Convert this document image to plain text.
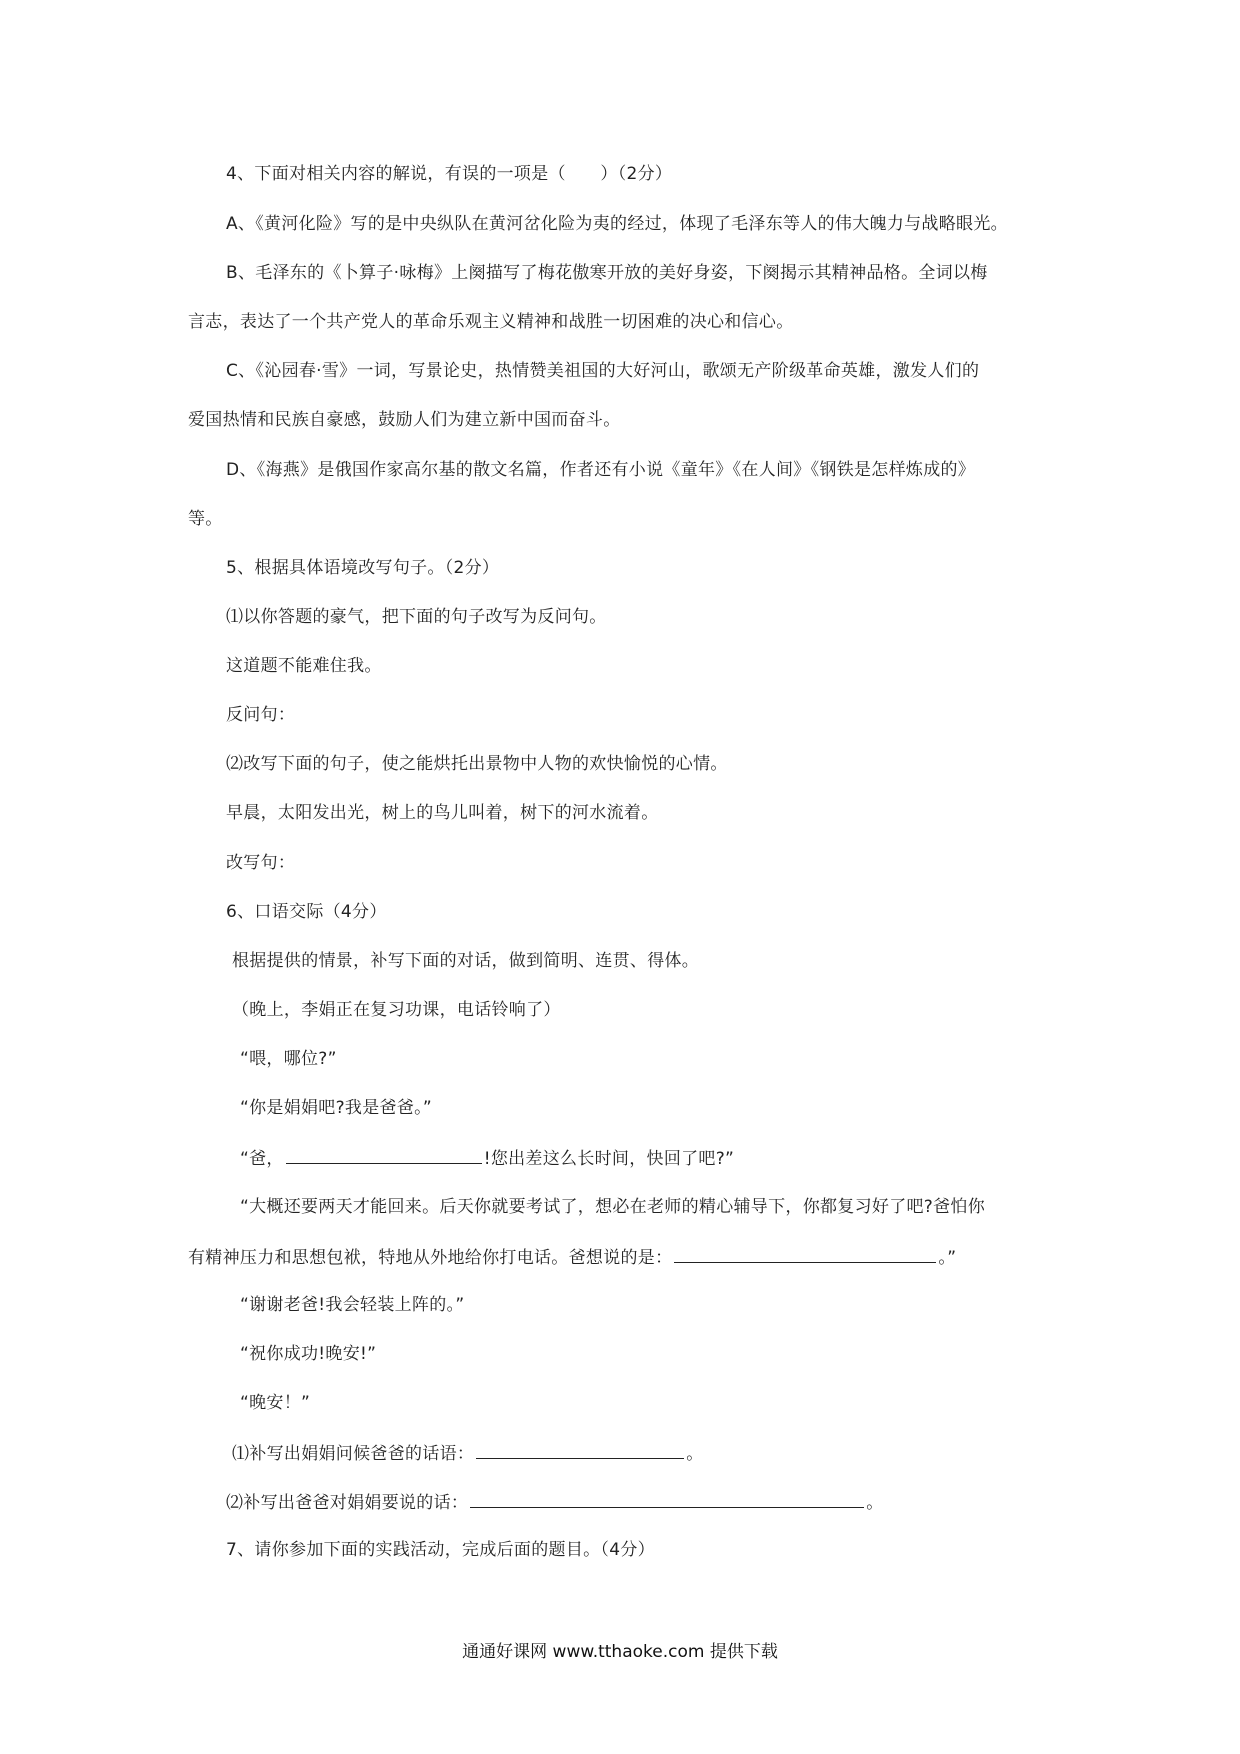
4、下面对相关内容的解说，有误的一项是（　　）（2分）
A、《黄河化险》写的是中央纵队在黄河岔化险为夷的经过，体现了毛泽东等人的伟大魄力与战略眼光。
B、毛泽东的《卜算子·咏梅》上阕描写了梅花傲寒开放的美好身姿，下阕揭示其精神品格。全词以梅
言志，表达了一个共产党人的革命乐观主义精神和战胜一切困难的决心和信心。
C、《沁园春·雪》一词，写景论史，热情赞美祖国的大好河山，歌颂无产阶级革命英雄，激发人们的
爱国热情和民族自豪感，鼓励人们为建立新中国而奋斗。
D、《海燕》是俄国作家高尔基的散文名篇，作者还有小说《童年》《在人间》《钢铁是怎样炼成的》
等。
5、根据具体语境改写句子。（2分）
⑴以你答题的豪气，把下面的句子改写为反问句。
这道题不能难住我。
反问句：
⑵改写下面的句子，使之能烘托出景物中人物的欢快愉悦的心情。
早晨，太阳发出光，树上的鸟儿叫着，树下的河水流着。
改写句：
6、口语交际（4分）
根据提供的情景，补写下面的对话，做到简明、连贯、得体。
（晚上，李娟正在复习功课，电话铃响了）
“喂，哪位?”
“你是娟娟吧?我是爸爸。”
“爸，	!您出差这么长时间，快回了吧?”
“大概还要两天才能回来。后天你就要考试了，想必在老师的精心辅导下，你都复习好了吧?爸怕你
有精神压力和思想包袱，特地从外地给你打电话。爸想说的是：	。”
“谢谢老爸!我会轻装上阵的。”
“祝你成功!晚安!”
“晚安！”
⑴补写出娟娟问候爸爸的话语：	。
⑵补写出爸爸对娟娟要说的话：	。
7、请你参加下面的实践活动，完成后面的题目。（4分）
通通好课网 www.tthaoke.com 提供下载
